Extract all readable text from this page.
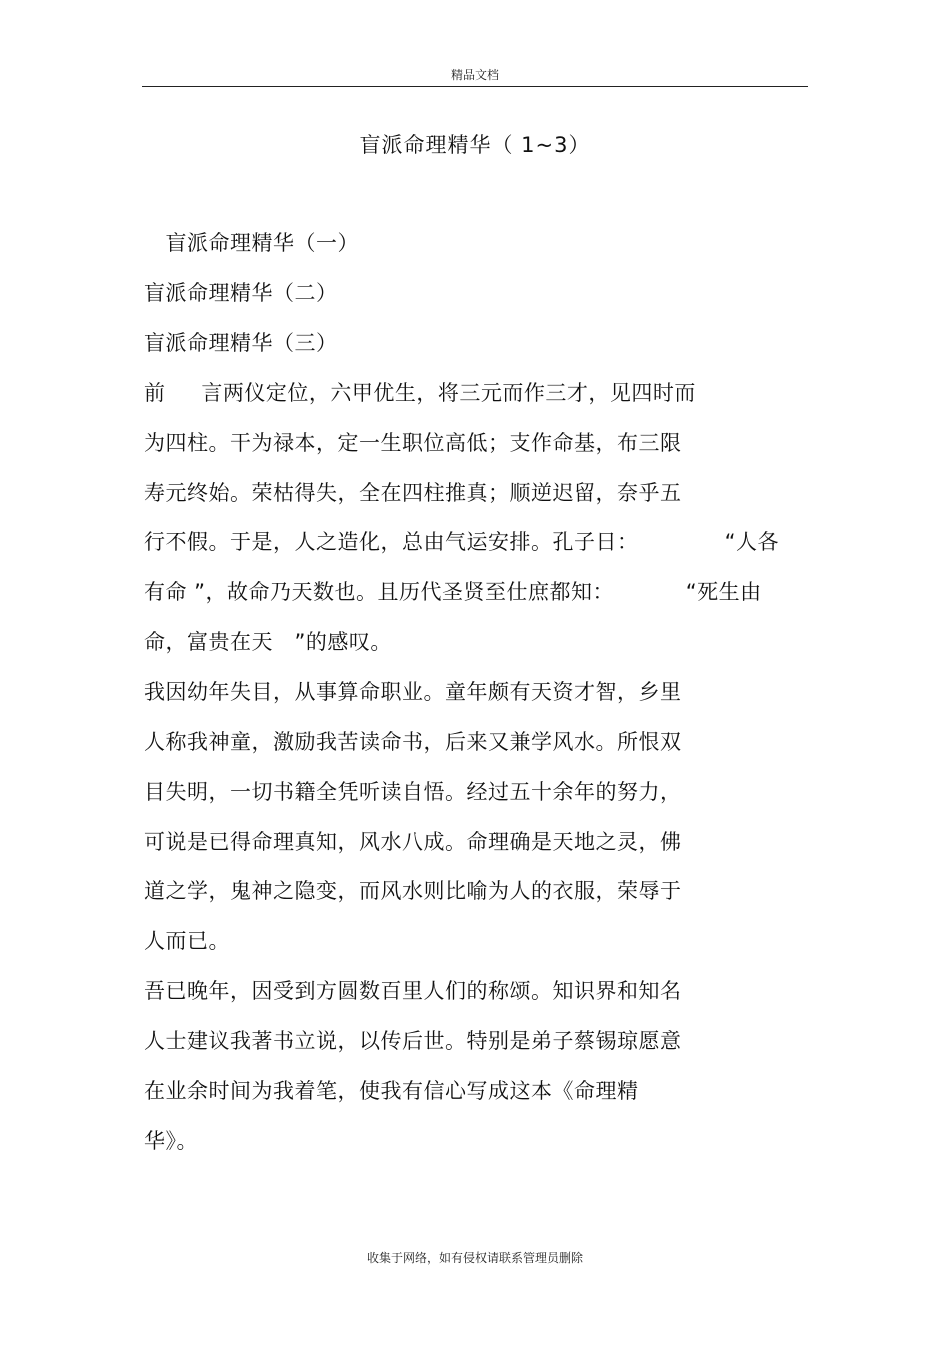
精品文档
盲派命理精华（ 1~3）
盲派命理精华（一）
盲派命理精华（二）
盲派命理精华（三）
前     言两仪定位，六甲优生，将三元而作三才，见四时而
为四柱。干为禄本，定一生职位高低；支作命基，布三限
寿元终始。荣枯得失，全在四柱推真；顺逆迟留，奈乎五
行不假。于是，人之造化，总由气运安排。孔子日：            “人各
有命 ”，故命乃天数也。且历代圣贤至仕庶都知：          “死生由
命，富贵在天   ”的感叹。
我因幼年失目，从事算命职业。童年颇有天资才智，乡里
人称我神童，激励我苦读命书，后来又兼学风水。所恨双
目失明，一切书籍全凭听读自悟。经过五十余年的努力，
可说是已得命理真知，风水八成。命理确是天地之灵，佛
道之学，鬼神之隐变，而风水则比喻为人的衣服，荣辱于
人而已。
吾已晚年，因受到方圆数百里人们的称颂。知识界和知名
人士建议我著书立说，以传后世。特别是弟子蔡锡琼愿意
在业余时间为我着笔，使我有信心写成这本《命理精
华》。
收集于网络，如有侵权请联系管理员删除
